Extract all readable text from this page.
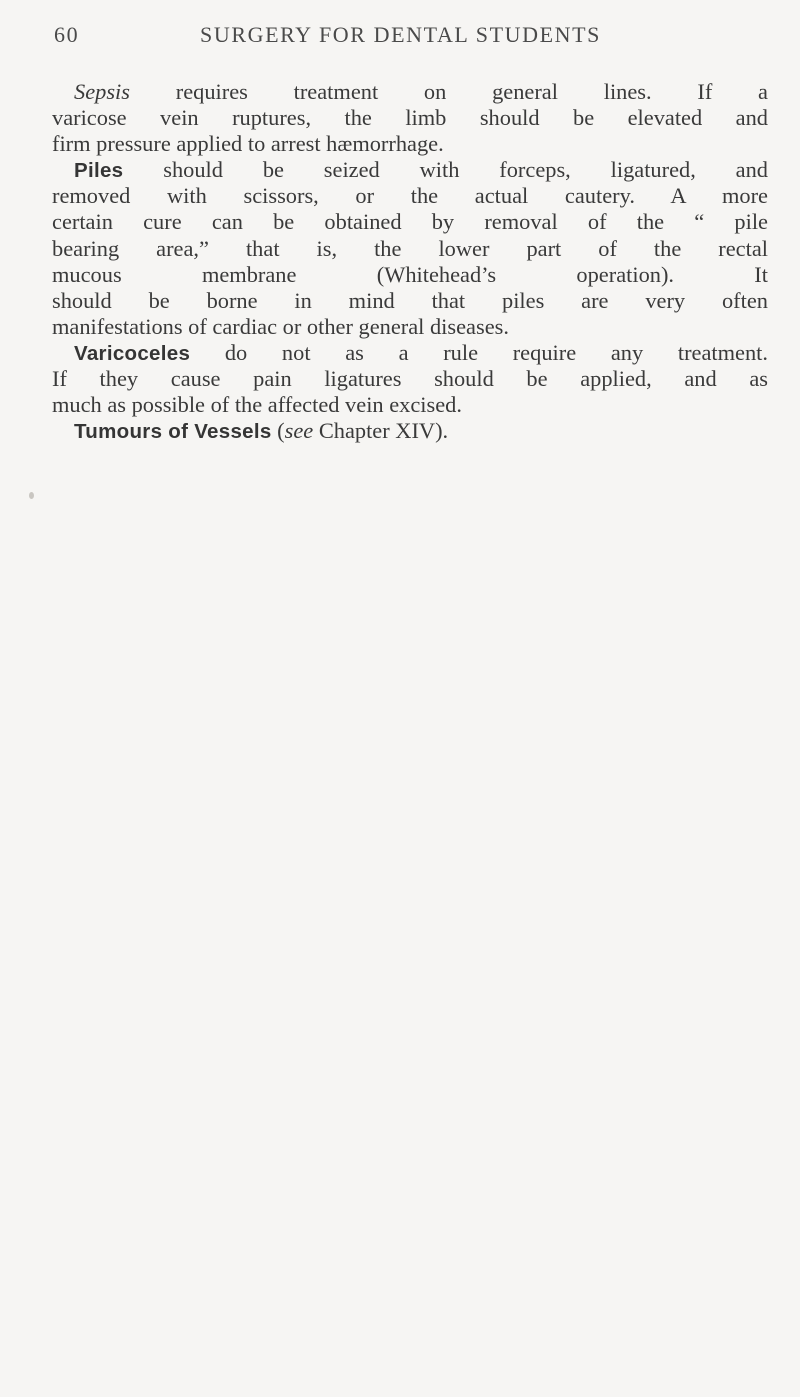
60	SURGERY FOR DENTAL STUDENTS
Sepsis requires treatment on general lines. If a
varicose vein ruptures, the limb should be elevated and
firm pressure applied to arrest hæmorrhage.
Piles should be seized with forceps, ligatured, and
removed with scissors, or the actual cautery. A more
certain cure can be obtained by removal of the “ pile
bearing area,” that is, the lower part of the rectal
mucous membrane (Whitehead’s operation). It
should be borne in mind that piles are very often
manifestations of cardiac or other general diseases.
Varicoceles do not as a rule require any treatment.
If they cause pain ligatures should be applied, and as
much as possible of the affected vein excised.
Tumours of Vessels (see Chapter XIV).
